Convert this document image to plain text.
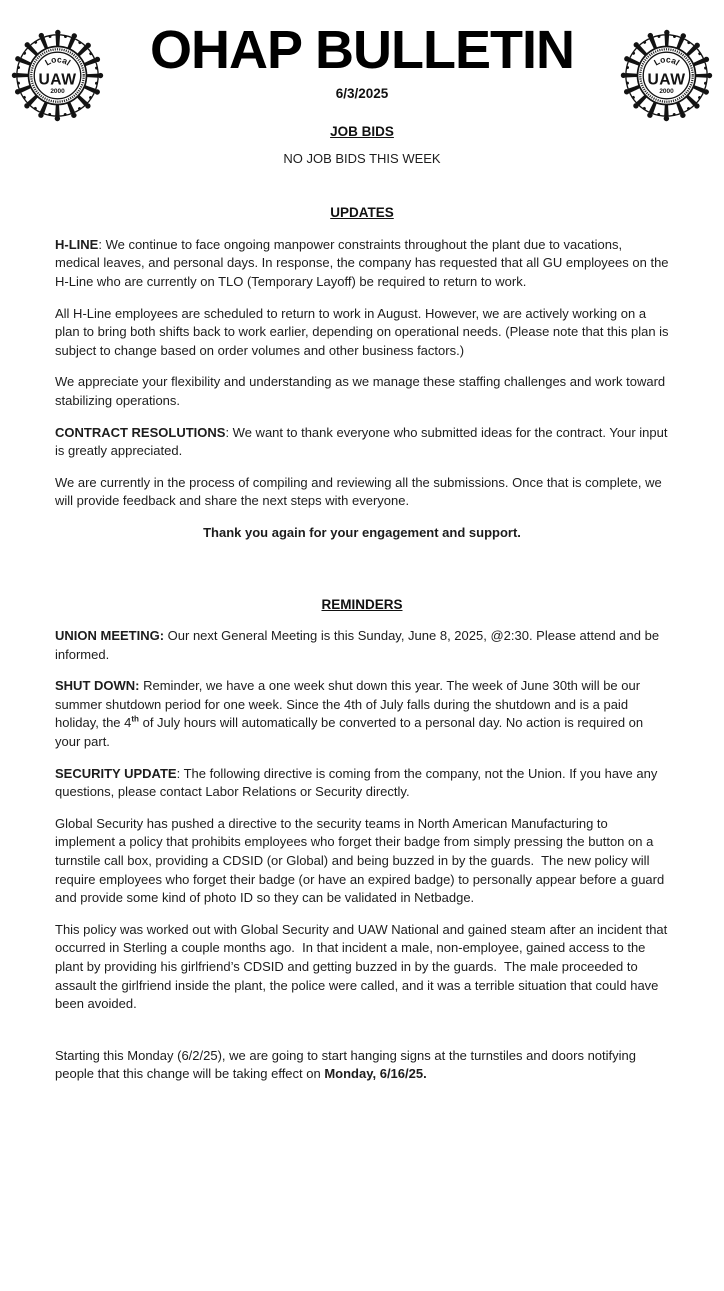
OHAP BULLETIN
6/3/2025
JOB BIDS

NO JOB BIDS THIS WEEK

UPDATES

H-LINE: We continue to face ongoing manpower constraints throughout the plant due to vacations, medical leaves, and personal days. In response, the company has requested that all GU employees on the H-Line who are currently on TLO (Temporary Layoff) be required to return to work.

All H-Line employees are scheduled to return to work in August. However, we are actively working on a plan to bring both shifts back to work earlier, depending on operational needs. (Please note that this plan is subject to change based on order volumes and other business factors.)

We appreciate your flexibility and understanding as we manage these staffing challenges and work toward stabilizing operations.

CONTRACT RESOLUTIONS: We want to thank everyone who submitted ideas for the contract. Your input is greatly appreciated.

We are currently in the process of compiling and reviewing all the submissions. Once that is complete, we will provide feedback and share the next steps with everyone.

Thank you again for your engagement and support.

REMINDERS

UNION MEETING: Our next General Meeting is this Sunday, June 8, 2025, @2:30. Please attend and be informed.

SHUT DOWN: Reminder, we have a one week shut down this year. The week of June 30th will be our summer shutdown period for one week. Since the 4th of July falls during the shutdown and is a paid holiday, the 4th of July hours will automatically be converted to a personal day. No action is required on your part.

SECURITY UPDATE: The following directive is coming from the company, not the Union. If you have any questions, please contact Labor Relations or Security directly.

Global Security has pushed a directive to the security teams in North American Manufacturing to implement a policy that prohibits employees who forget their badge from simply pressing the button on a turnstile call box, providing a CDSID (or Global) and being buzzed in by the guards.  The new policy will require employees who forget their badge (or have an expired badge) to personally appear before a guard and provide some kind of photo ID so they can be validated in Netbadge.

This policy was worked out with Global Security and UAW National and gained steam after an incident that occurred in Sterling a couple months ago.  In that incident a male, non-employee, gained access to the plant by providing his girlfriend’s CDSID and getting buzzed in by the guards.  The male proceeded to assault the girlfriend inside the plant, the police were called, and it was a terrible situation that could have been avoided.

Starting this Monday (6/2/25), we are going to start hanging signs at the turnstiles and doors notifying people that this change will be taking effect on Monday, 6/16/25.
